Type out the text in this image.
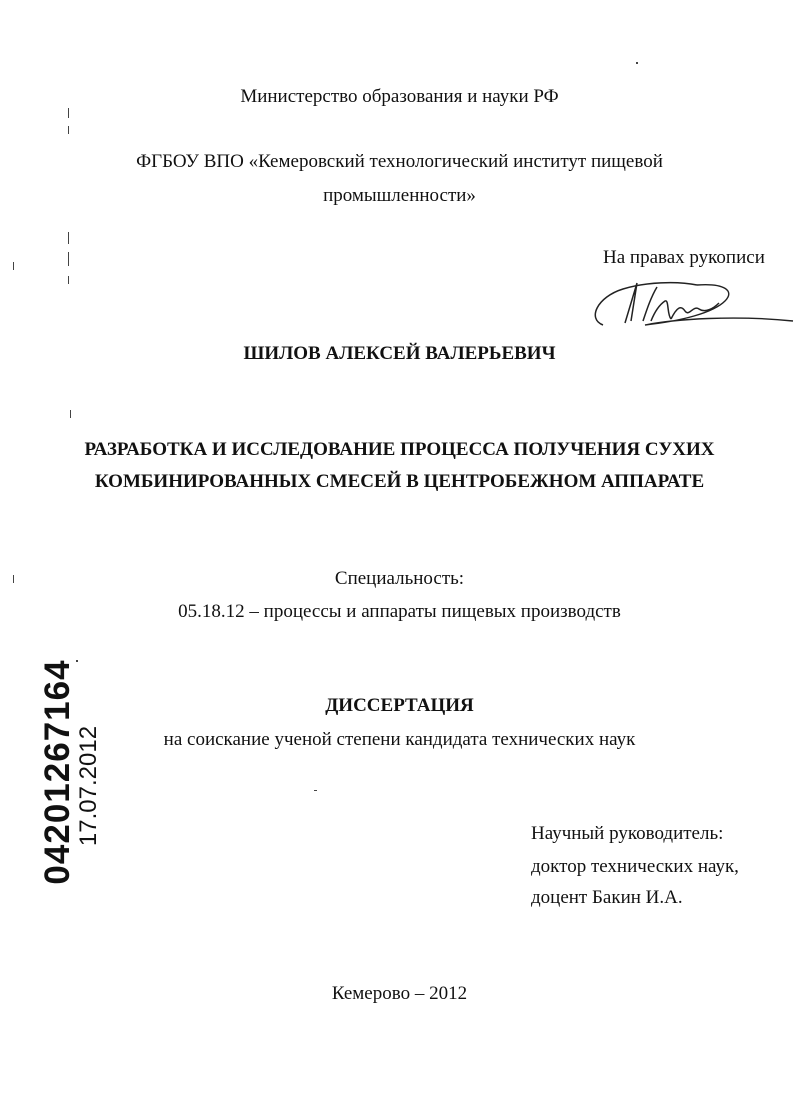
Министерство образования и науки РФ
ФГБОУ ВПО «Кемеровский технологический институт пищевой
промышленности»
На правах рукописи
ШИЛОВ АЛЕКСЕЙ ВАЛЕРЬЕВИЧ
РАЗРАБОТКА И ИССЛЕДОВАНИЕ ПРОЦЕССА ПОЛУЧЕНИЯ СУХИХ
КОМБИНИРОВАННЫХ СМЕСЕЙ В ЦЕНТРОБЕЖНОМ АППАРАТЕ
Специальность:
05.18.12 – процессы и аппараты пищевых производств
ДИССЕРТАЦИЯ
на соискание ученой степени кандидата технических наук
Научный руководитель:
доктор технических наук,
доцент Бакин И.А.
Кемерово – 2012
04201267164
17.07.2012
